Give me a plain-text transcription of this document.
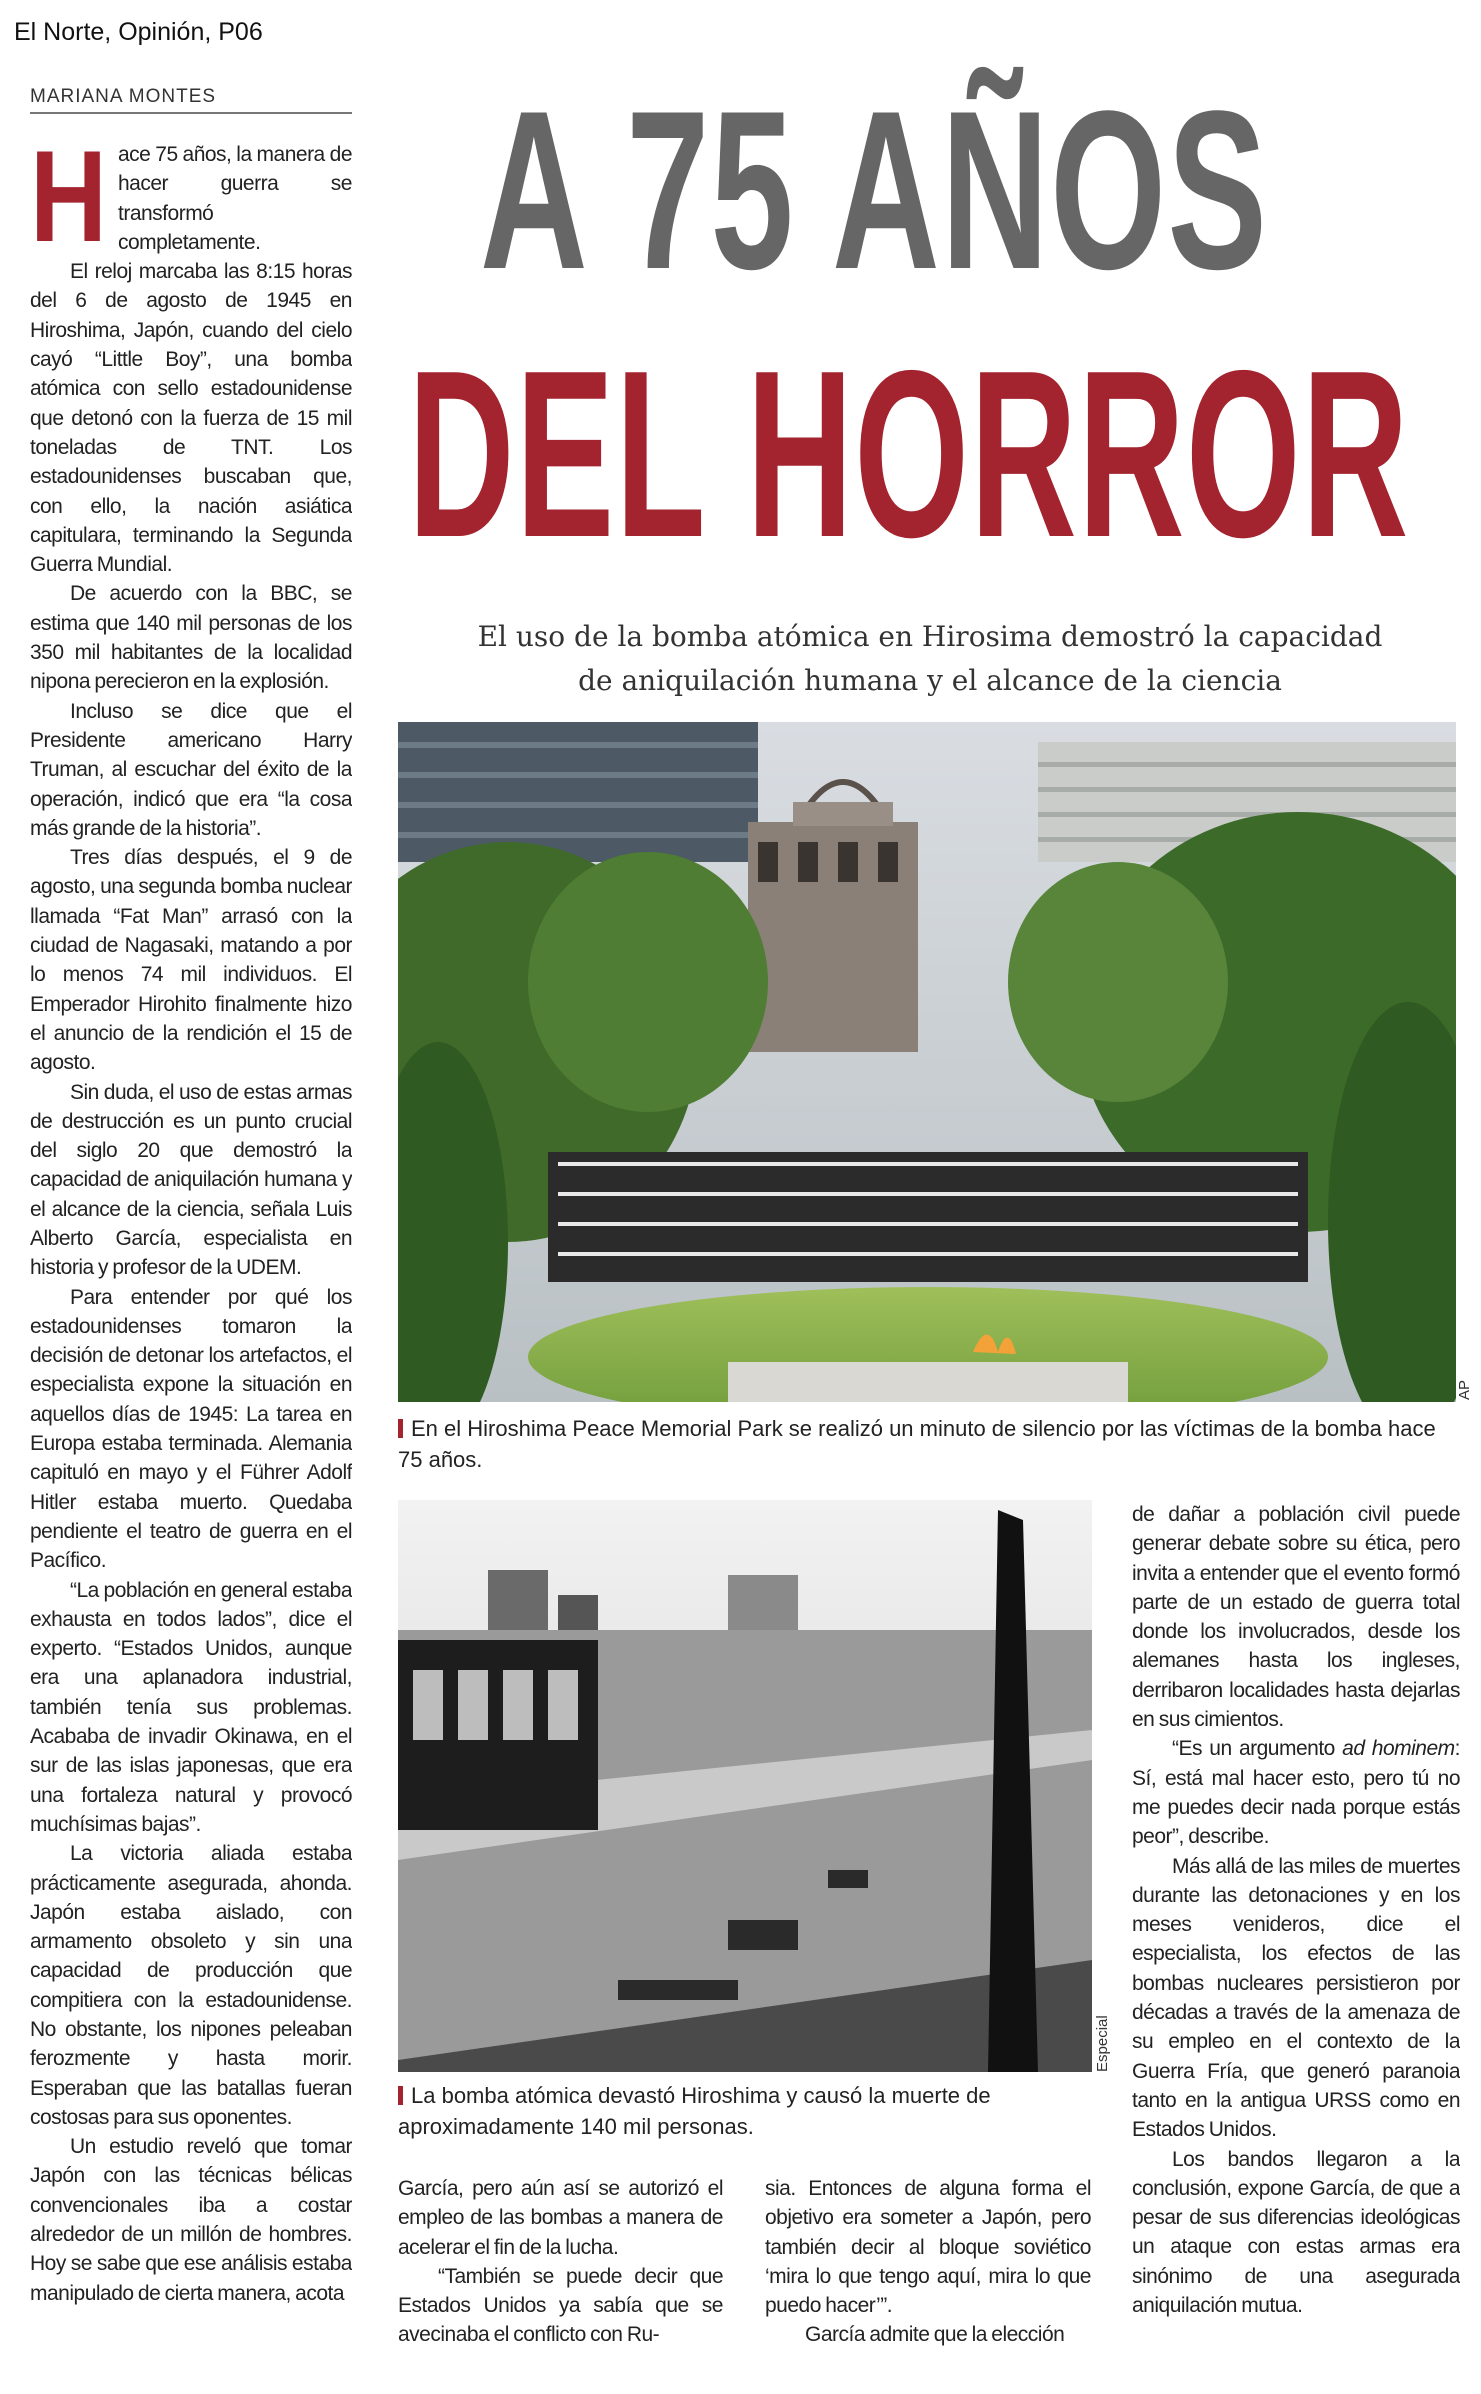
El Norte, Opinión, P06
MARIANA MONTES	A 75 AÑOS
DEL HORROR
El uso de la bomba atómica en Hirosima demostró la capacidad
de aniquilación humana y el alcance de la ciencia
H ace 75 años, la manera de hacer guerra se transformó completamente.

El reloj marcaba las 8:15 horas del 6 de agosto de 1945 en Hiroshima, Japón, cuando del cielo cayó “Little Boy”, una bomba atómica con sello estadounidense que detonó con la fuerza de 15 mil toneladas de TNT. Los estadounidenses buscaban que, con ello, la nación asiática capitulara, terminando la Segunda Guerra Mundial.

De acuerdo con la BBC, se estima que 140 mil personas de los 350 mil habitantes de la localidad nipona perecieron en la explosión.

Incluso se dice que el Presidente americano Harry Truman, al escuchar del éxito de la operación, indicó que era “la cosa más grande de la historia”.

Tres días después, el 9 de agosto, una segunda bomba nuclear llamada “Fat Man” arrasó con la ciudad de Nagasaki, matando a por lo menos 74 mil individuos. El Emperador Hirohito finalmente hizo el anuncio de la rendición el 15 de agosto.

Sin duda, el uso de estas armas de destrucción es un punto crucial del siglo 20 que demostró la capacidad de aniquilación humana y el alcance de la ciencia, señala Luis Alberto García, especialista en historia y profesor de la UDEM.

Para entender por qué los estadounidenses tomaron la decisión de detonar los artefactos, el especialista expone la situación en aquellos días de 1945: La tarea en Europa estaba terminada. Alemania capituló en mayo y el Führer Adolf Hitler estaba muerto. Quedaba pendiente el teatro de guerra en el Pacífico.

“La población en general estaba exhausta en todos lados”, dice el experto. “Estados Unidos, aunque era una aplanadora industrial, también tenía sus problemas. Acababa de invadir Okinawa, en el sur de las islas japonesas, que era una fortaleza natural y provocó muchísimas bajas”.

La victoria aliada estaba prácticamente asegurada, ahonda. Japón estaba aislado, con armamento obsoleto y sin una capacidad de producción que compitiera con la estadounidense. No obstante, los nipones peleaban ferozmente y hasta morir. Esperaban que las batallas fueran costosas para sus oponentes.

Un estudio reveló que tomar Japón con las técnicas bélicas convencionales iba a costar alrededor de un millón de hombres. Hoy se sabe que ese análisis estaba manipulado de cierta manera, acota

AP
En el Hiroshima Peace Memorial Park se realizó un minuto de silencio por las víctimas de la bomba hace 75 años.
Especial
La bomba atómica devastó Hiroshima y causó la muerte de aproximadamente 140 mil personas.

García, pero aún así se autorizó el empleo de las bombas a manera de acelerar el fin de la lucha.

“También se puede decir que Estados Unidos ya sabía que se avecinaba el conflicto con Ru-

sia. Entonces de alguna forma el objetivo era someter a Japón, pero también decir al bloque soviético ‘mira lo que tengo aquí, mira lo que puedo hacer’”.

García admite que la elección

de dañar a población civil puede generar debate sobre su ética, pero invita a entender que el evento formó parte de un estado de guerra total donde los involucrados, desde los alemanes hasta los ingleses, derribaron localidades hasta dejarlas en sus cimientos.

“Es un argumento ad hominem: Sí, está mal hacer esto, pero tú no me puedes decir nada porque estás peor”, describe.

Más allá de las miles de muertes durante las detonaciones y en los meses venideros, dice el especialista, los efectos de las bombas nucleares persistieron por décadas a través de la amenaza de su empleo en el contexto de la Guerra Fría, que generó paranoia tanto en la antigua URSS como en Estados Unidos.

Los bandos llegaron a la conclusión, expone García, de que a pesar de sus diferencias ideológicas un ataque con estas armas era sinónimo de una asegurada aniquilación mutua.
